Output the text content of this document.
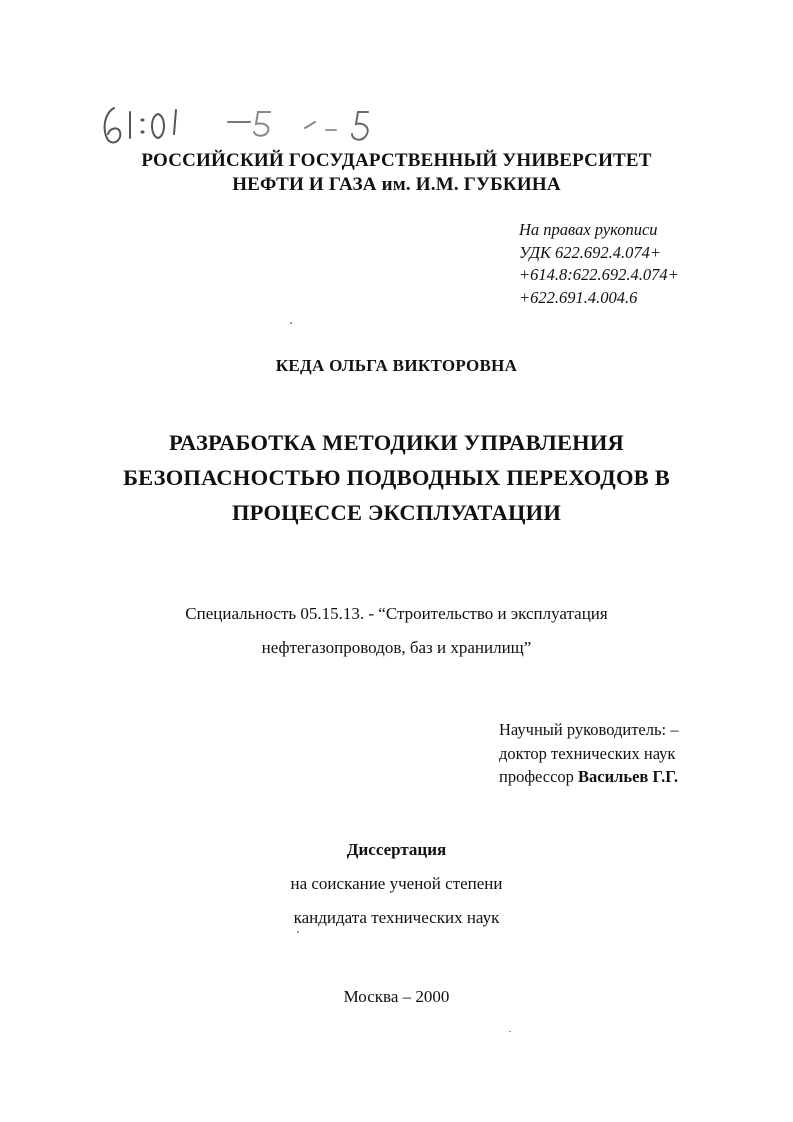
РОССИЙСКИЙ ГОСУДАРСТВЕННЫЙ УНИВЕРСИТЕТ
НЕФТИ И ГАЗА им. И.М. ГУБКИНА
На правах рукописи
УДК 622.692.4.074+
+614.8:622.692.4.074+
+622.691.4.004.6
КЕДА ОЛЬГА ВИКТОРОВНА
РАЗРАБОТКА МЕТОДИКИ УПРАВЛЕНИЯ
БЕЗОПАСНОСТЬЮ ПОДВОДНЫХ ПЕРЕХОДОВ В
ПРОЦЕССЕ ЭКСПЛУАТАЦИИ
Специальность 05.15.13. - “Строительство и эксплуатация
нефтегазопроводов, баз и хранилищ”
Научный руководитель: –
доктор технических наук
профессор Васильев Г.Г.
Диссертация
на соискание ученой степени
кандидата технических наук
Москва – 2000
